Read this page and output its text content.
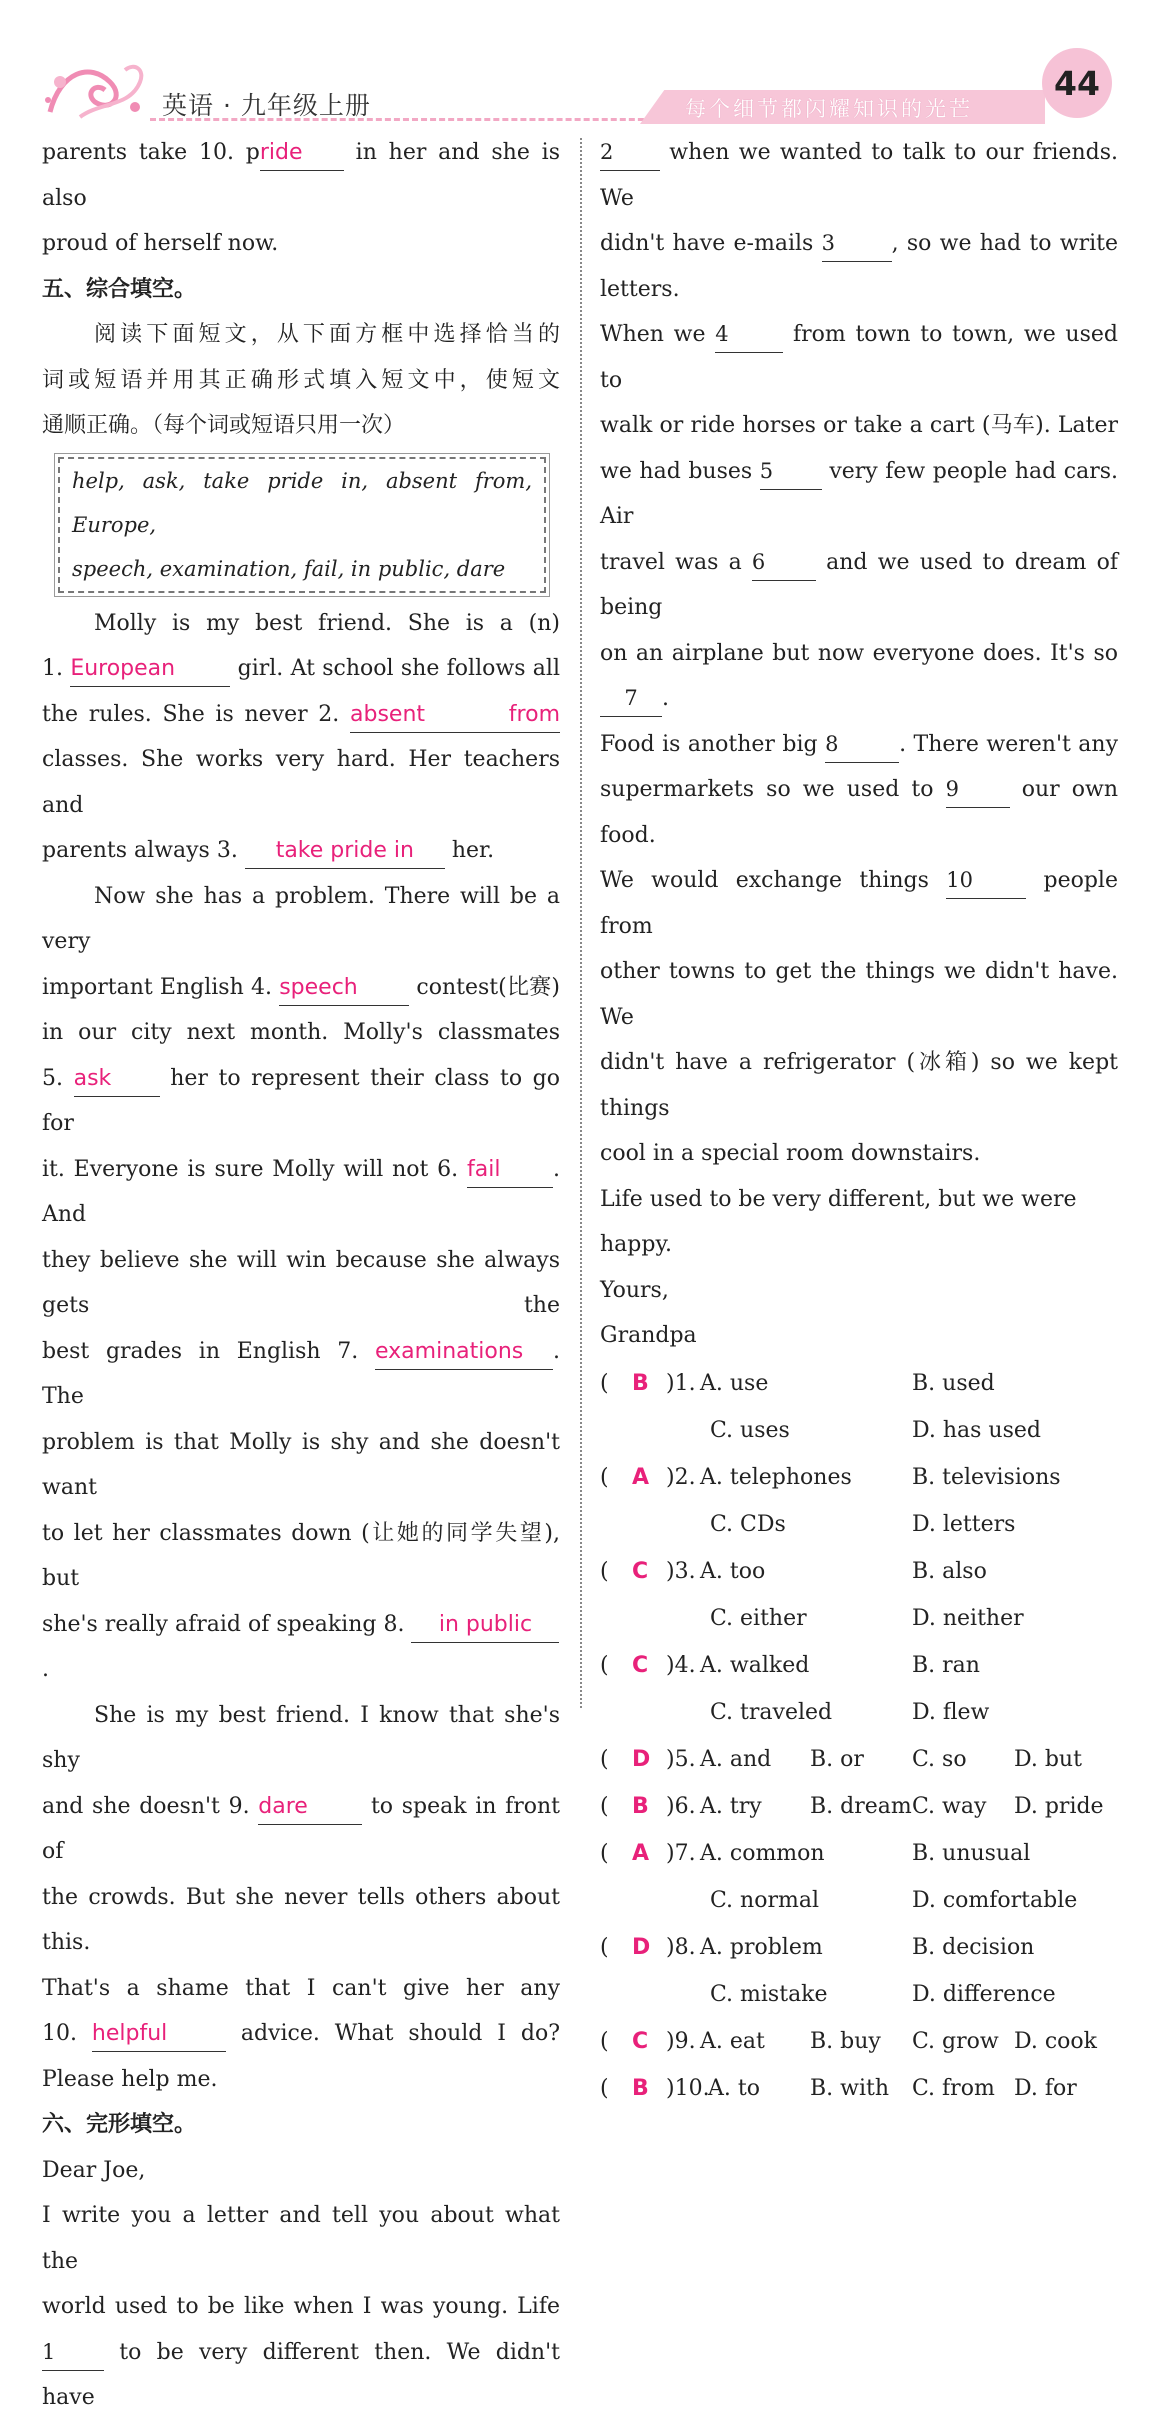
英语 · 九年级上册	每个细节都闪耀知识的光芒
44
parents take 10. pride in her and she is also
proud of herself now.
五、综合填空。
阅读下面短文，从下面方框中选择恰当的
词或短语并用其正确形式填入短文中，使短文
通顺正确。（每个词或短语只用一次）
help, ask, take pride in, absent from, Europe,
speech, examination, fail, in public, dare
Molly is my best friend. She is a (n)
1. European	girl. At school she follows all
the rules. She is never 2. absent from
classes. She works very hard. Her teachers and
parents always 3. take pride in her.
Now she has a problem. There will be a very
important English 4. speech	contest(比赛)
in our city next month. Molly's classmates
5. ask	her to represent their class to go for
it. Everyone is sure Molly will not 6. fail . And
they believe she will win because she always gets the
best grades in English 7. examinations . The
problem is that Molly is shy and she doesn't want
to let her classmates down (让她的同学失望), but
she's really afraid of speaking 8. in public.
She is my best friend. I know that she's shy
and she doesn't 9. dare	to speak in front of
the crowds. But she never tells others about this.
That's a shame that I can't give her any
10. helpful	advice. What should I do?
Please help me.
六、完形填空。
Dear Joe,
I write you a letter and tell you about what the
world used to be like when I was young. Life
1	to be very different then. We didn't have
2	when we wanted to talk to our friends. We
didn't have e-mails 3	, so we had to write
letters.
When we 4	from town to town, we used to
walk or ride horses or take a cart (马车). Later
we had buses 5	very few people had cars. Air
travel was a 6	and we used to dream of being
on an airplane but now everyone does. It's so
7 .
Food is another big 8	. There weren't any
supermarkets so we used to 9	our own food.
We would exchange things 10	people from
other towns to get the things we didn't have. We
didn't have a refrigerator (冰箱) so we kept things
cool in a special room downstairs.
Life used to be very different, but we were happy.
Yours,
Grandpa
( B )1. A. use	B. used
C. uses	D. has used
( A )2. A. telephones	B. televisions
C. CDs	D. letters
( C )3. A. too	B. also
C. either	D. neither
( C )4. A. walked	B. ran
C. traveled	D. flew
( D )5. A. and B. or C. so D. but
( B )6. A. try B. dream C. way D. pride
( A )7. A. common	B. unusual
C. normal	D. comfortable
( D )8. A. problem	B. decision
C. mistake	D. difference
( C )9. A. eat B. buy C. grow D. cook
( B )10.
A. to B. with C. from D. for
